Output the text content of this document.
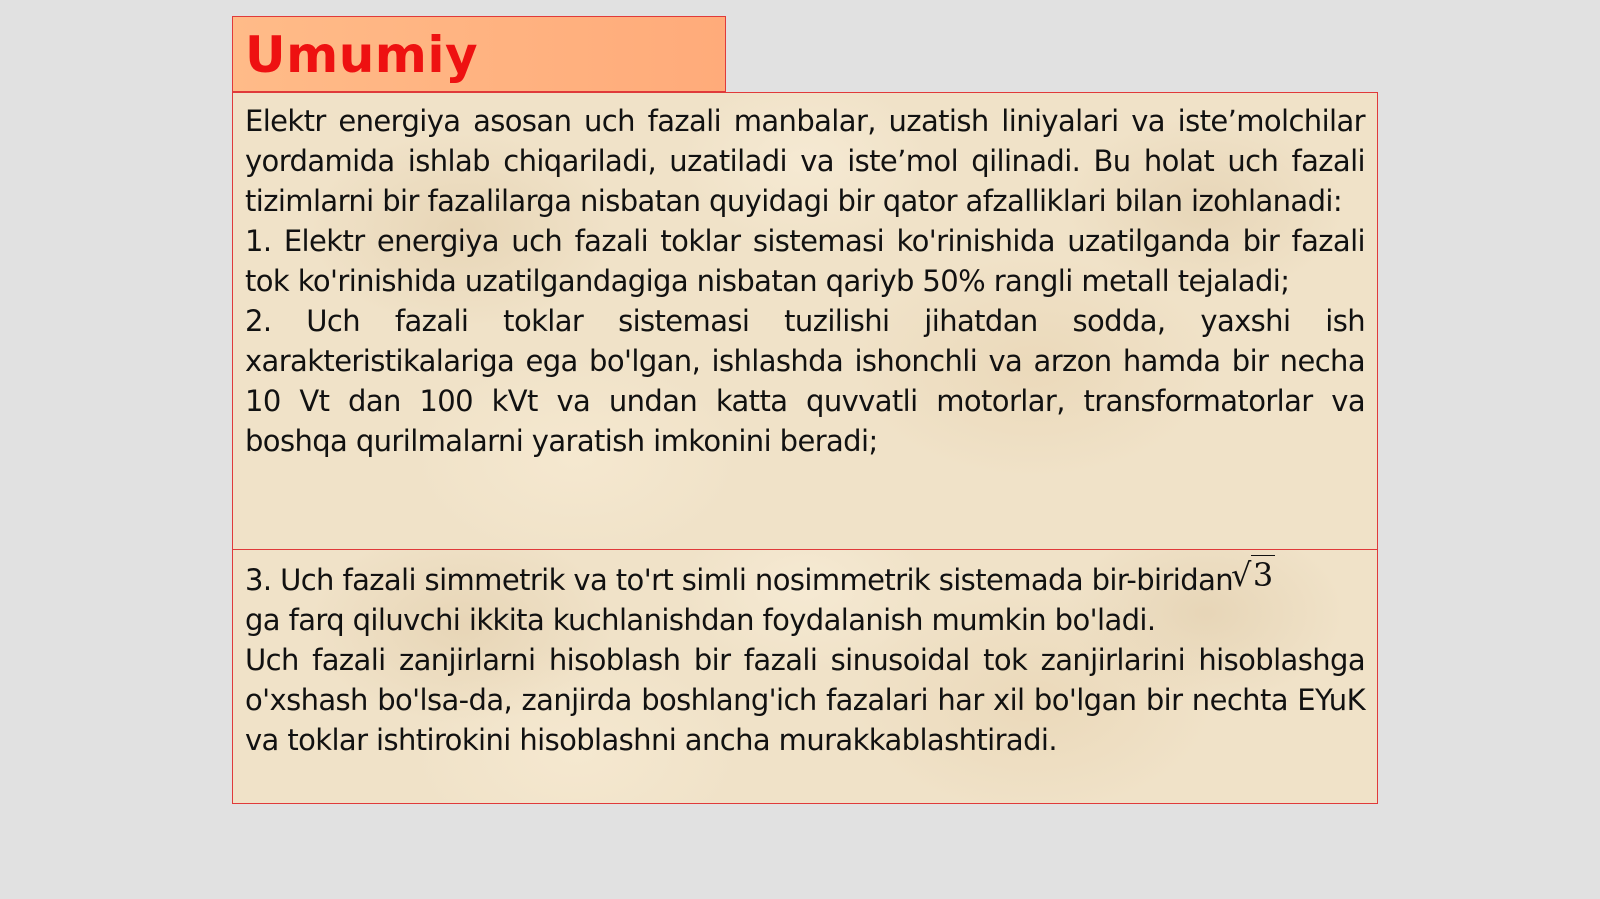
Umumiy

Elektr energiya asosan uch fazali manbalar, uzatish liniyalari va iste’molchilar yordamida ishlab chiqariladi, uzatiladi va iste’mol qilinadi. Bu holat uch fazali tizimlarni bir fazalilarga nisbatan quyidagi bir qator afzalliklari bilan izohlanadi:

1. Elektr energiya uch fazali toklar sistemasi ko'rinishida uzatilganda bir fazali tok ko'rinishida uzatilgandagiga nisbatan qariyb 50% rangli metall tejaladi;

2. Uch fazali toklar sistemasi tuzilishi jihatdan sodda, yaxshi ish xarakteristikalariga ega bo'lgan, ishlashda ishonchli va arzon hamda bir necha 10 Vt dan 100 kVt va undan katta quvvatli motorlar, transformatorlar va boshqa qurilmalarni yaratish imkonini beradi;

3. Uch fazali simmetrik va to'rt simli nosimmetrik sistemada bir-biridan√3
ga farq qiluvchi ikkita kuchlanishdan foydalanish mumkin bo'ladi.

Uch fazali zanjirlarni hisoblash bir fazali sinusoidal tok zanjirlarini hisoblashga o'xshash bo'lsa-da, zanjirda boshlang'ich fazalari har xil bo'lgan bir nechta EYuK va toklar ishtirokini hisoblashni ancha murakkablashtiradi.
